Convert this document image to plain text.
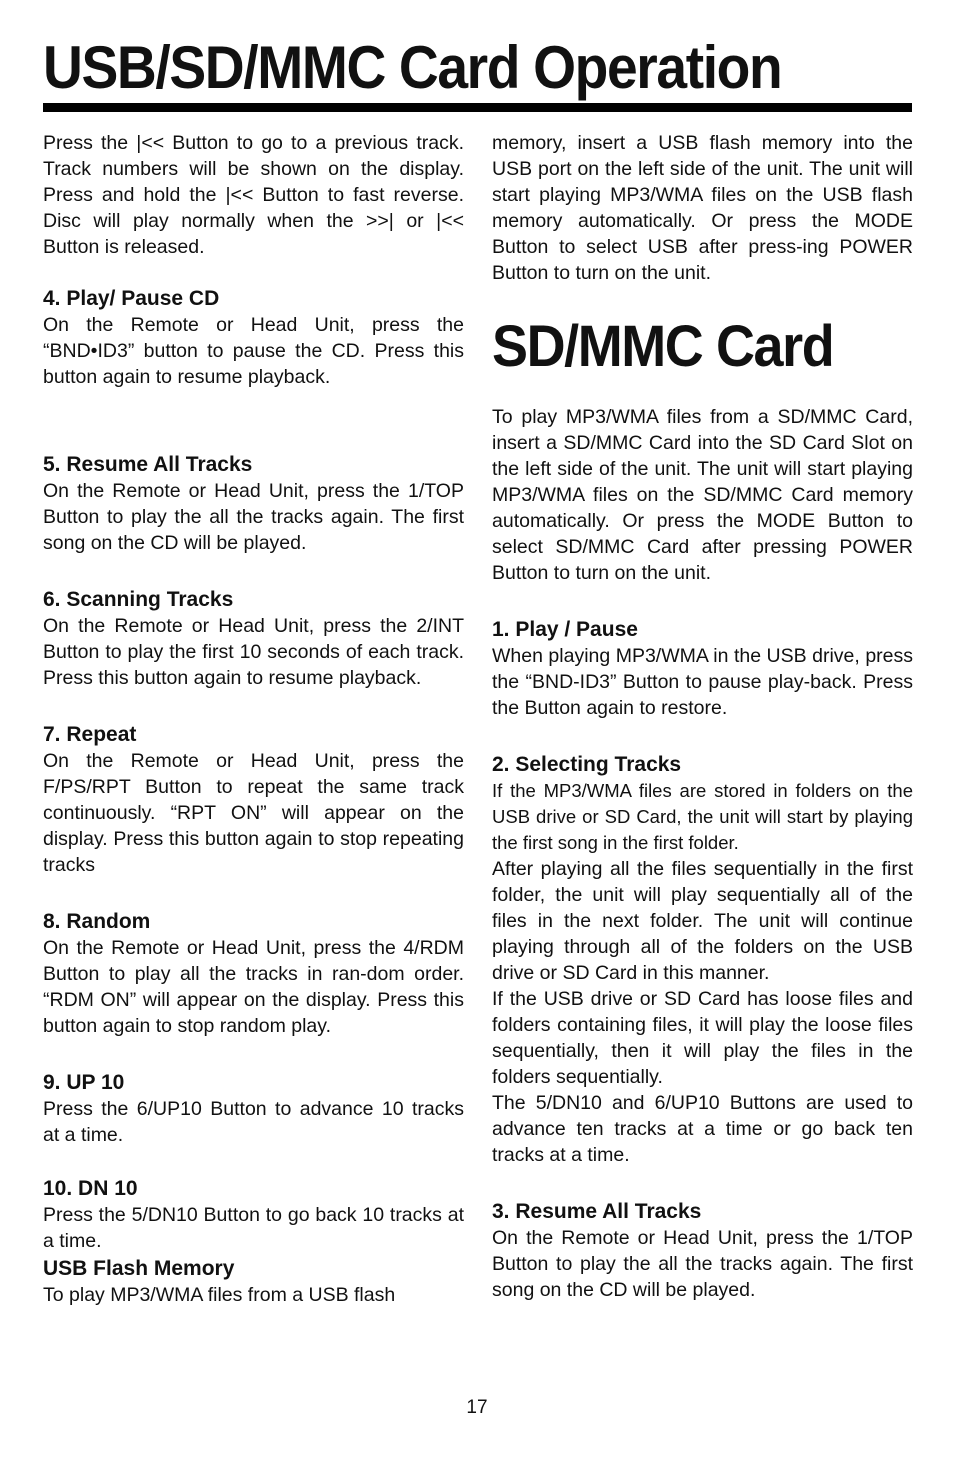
USB/SD/MMC Card Operation

Press the |<< Button to go to a previous track. Track numbers will be shown on the display. Press and hold the |<< Button to fast reverse. Disc will play normally when the >>| or |<< Button is released.

4. Play/ Pause CD

On the Remote or Head Unit, press the “BND•ID3” button to pause the CD. Press this button again to resume playback.

5. Resume All Tracks

On the Remote or Head Unit, press the 1/TOP Button to play the all the tracks again. The first song on the CD will be played.

6. Scanning Tracks

On the Remote or Head Unit, press the 2/INT Button to play the first 10 seconds of each track. Press this button again to resume playback.

7. Repeat

On the Remote or Head Unit, press the F/PS/RPT Button to repeat the same track continuously. “RPT ON” will appear on the display. Press this button again to stop repeating tracks

8. Random

On the Remote or Head Unit, press the 4/RDM Button to play all the tracks in ran-dom order. “RDM ON” will appear on the display. Press this button again to stop random play.

9. UP 10

Press the 6/UP10 Button to advance 10 tracks at a time.

10. DN 10

Press the 5/DN10 Button to go back 10 tracks at a time.

USB Flash Memory

To play MP3/WMA files from a USB flash

memory, insert a USB flash memory into the USB port on the left side of the unit. The unit will start playing MP3/WMA files on the USB flash memory automatically. Or press the MODE Button to select USB after press-ing POWER Button to turn on the unit.

SD/MMC Card

To play MP3/WMA files from a SD/MMC Card, insert a SD/MMC Card into the SD Card Slot on the left side of the unit. The unit will start playing MP3/WMA files on the SD/MMC Card memory automatically. Or press the MODE Button to select SD/MMC Card after pressing POWER Button to turn on the unit.

1. Play / Pause

When playing MP3/WMA in the USB drive, press the “BND-ID3” Button to pause play-back. Press the Button again to restore.

2. Selecting Tracks

If the MP3/WMA files are stored in folders on the USB drive or SD Card, the unit will start by playing the first song in the first folder.

After playing all the files sequentially in the first folder, the unit will play sequentially all of the files in the next folder. The unit will continue playing through all of the folders on the USB drive or SD Card in this manner.

If the USB drive or SD Card has loose files and folders containing files, it will play the loose files sequentially, then it will play the files in the folders sequentially.

The 5/DN10 and 6/UP10 Buttons are used to advance ten tracks at a time or go back ten tracks at a time.

3. Resume All Tracks

On the Remote or Head Unit, press the 1/TOP Button to play the all the tracks again. The first song on the CD will be played.

17
